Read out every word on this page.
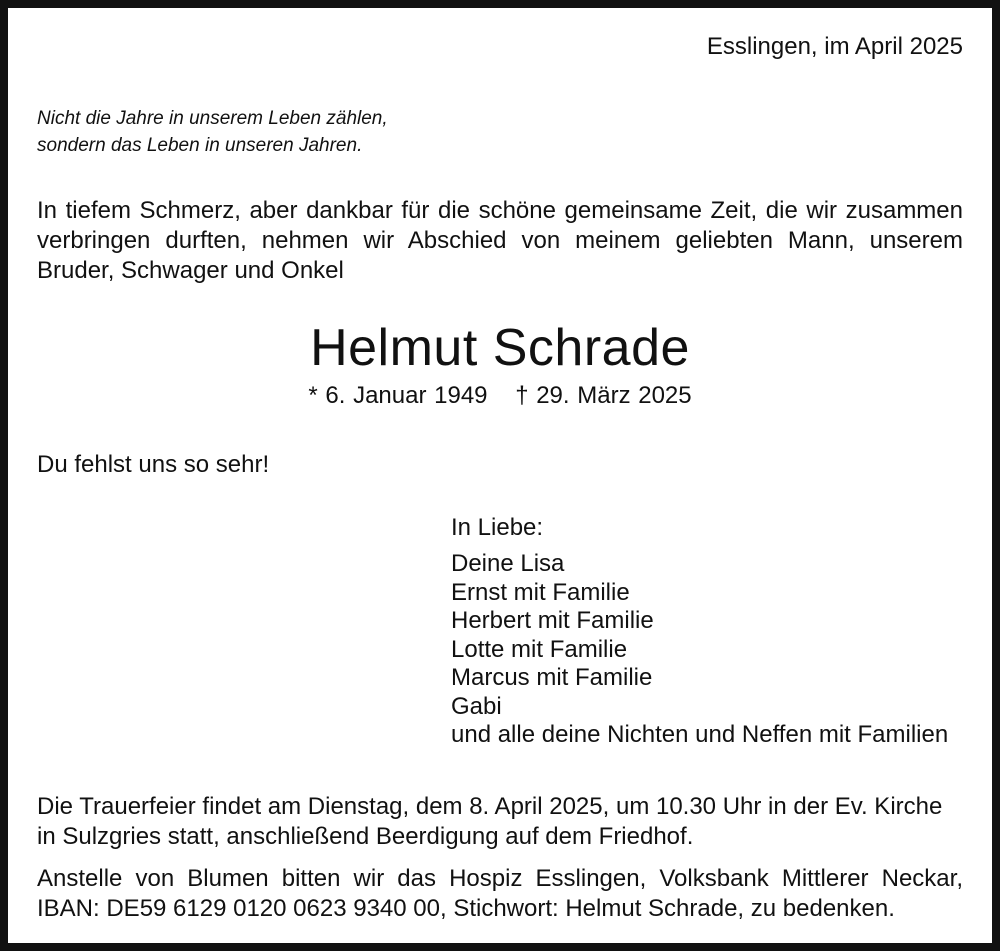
Esslingen, im April 2025
Nicht die Jahre in unserem Leben zählen,
sondern das Leben in unseren Jahren.
In tiefem Schmerz, aber dankbar für die schöne gemeinsame Zeit, die wir zusammen
verbringen durften, nehmen wir Abschied von meinem geliebten Mann, unserem
Bruder, Schwager und Onkel
Helmut Schrade
* 6. Januar 1949 † 29. März 2025
Du fehlst uns so sehr!
In Liebe:
Deine Lisa
Ernst mit Familie
Herbert mit Familie
Lotte mit Familie
Marcus mit Familie
Gabi
und alle deine Nichten und Neffen mit Familien
Die Trauerfeier findet am Dienstag, dem 8. April 2025, um 10.30 Uhr in der Ev. Kirche
in Sulzgries statt, anschließend Beerdigung auf dem Friedhof.
Anstelle von Blumen bitten wir das Hospiz Esslingen, Volksbank Mittlerer Neckar,
IBAN: DE59 6129 0120 0623 9340 00, Stichwort: Helmut Schrade, zu bedenken.
